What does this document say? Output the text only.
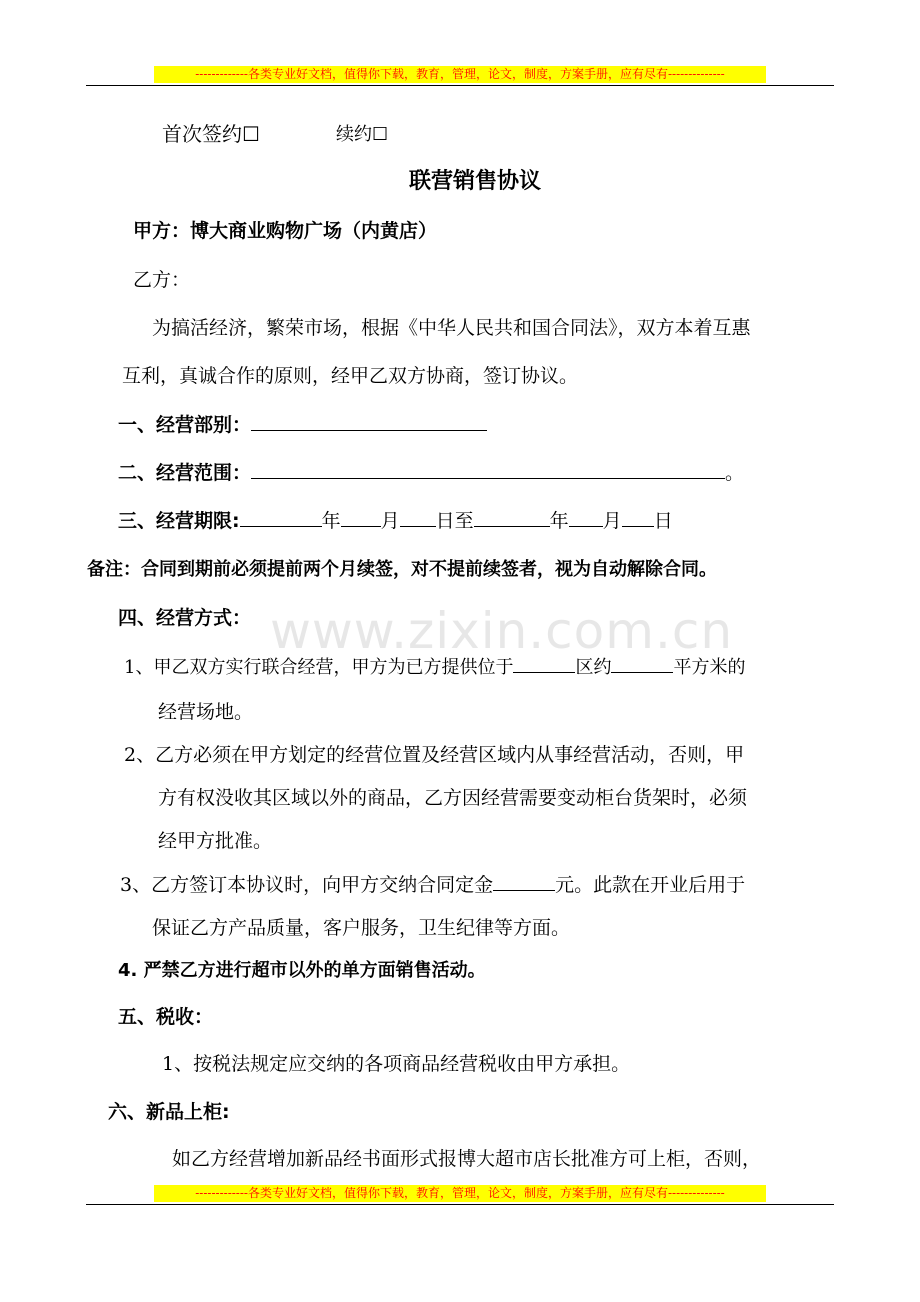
-------------各类专业好文档，值得你下载，教育，管理，论文，制度，方案手册，应有尽有--------------
www.zixin.com.cn
首次签约☐	续约☐
联营销售协议
甲方：博大商业购物广场（内黄店）
乙方：
为搞活经济，繁荣市场，根据《中华人民共和国合同法》，双方本着互惠
互利，真诚合作的原则，经甲乙双方协商，签订协议。
一、经营部别：
二、经营范围：	。
三、经营期限:	年 月 日至	年 月 日
备注：合同到期前必须提前两个月续签，对不提前续签者，视为自动解除合同。
四、经营方式：
1、甲乙双方实行联合经营，甲方为已方提供位于	区约	平方米的
经营场地。
2、乙方必须在甲方划定的经营位置及经营区域内从事经营活动，否则，甲
方有权没收其区域以外的商品，乙方因经营需要变动柜台货架时，必须
经甲方批准。
3、乙方签订本协议时，向甲方交纳合同定金	元。此款在开业后用于
保证乙方产品质量，客户服务，卫生纪律等方面。
4. 严禁乙方进行超市以外的单方面销售活动。
五、税收：
1、按税法规定应交纳的各项商品经营税收由甲方承担。
六、新品上柜:
如乙方经营增加新品经书面形式报博大超市店长批准方可上柜，否则，
-------------各类专业好文档，值得你下载，教育，管理，论文，制度，方案手册，应有尽有--------------
